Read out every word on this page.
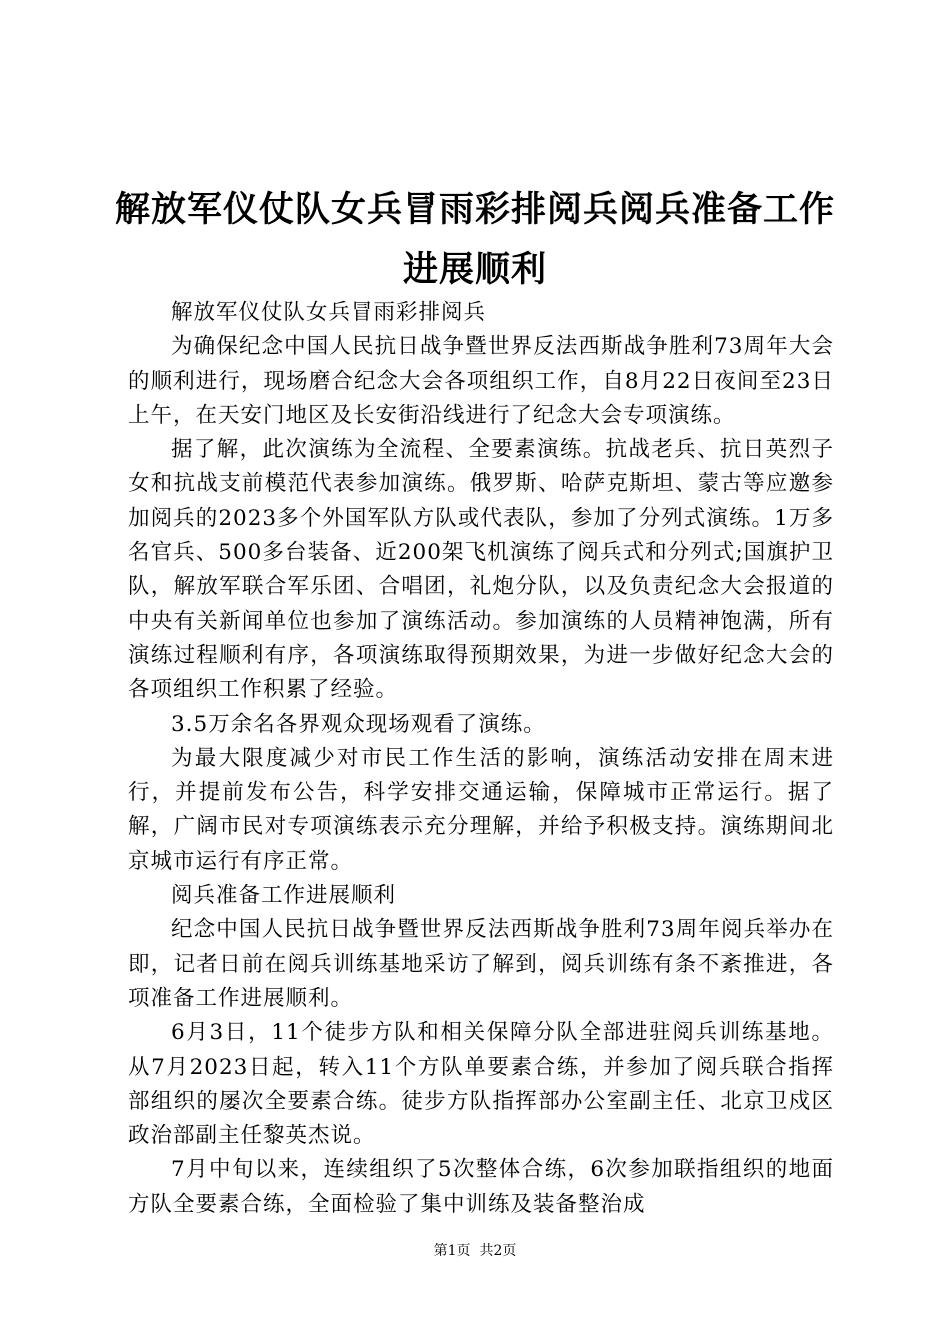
解放军仪仗队女兵冒雨彩排阅兵阅兵准备工作
进展顺利

解放军仪仗队女兵冒雨彩排阅兵

为确保纪念中国人民抗日战争暨世界反法西斯战争胜利73周年大会的顺利进行，现场磨合纪念大会各项组织工作，自8月22日夜间至23日上午，在天安门地区及长安街沿线进行了纪念大会专项演练。

据了解，此次演练为全流程、全要素演练。抗战老兵、抗日英烈子女和抗战支前模范代表参加演练。俄罗斯、哈萨克斯坦、蒙古等应邀参加阅兵的2023多个外国军队方队或代表队，参加了分列式演练。1万多名官兵、500多台装备、近200架飞机演练了阅兵式和分列式;国旗护卫队，解放军联合军乐团、合唱团，礼炮分队，以及负责纪念大会报道的中央有关新闻单位也参加了演练活动。参加演练的人员精神饱满，所有演练过程顺利有序，各项演练取得预期效果，为进一步做好纪念大会的各项组织工作积累了经验。

3.5万余名各界观众现场观看了演练。

为最大限度减少对市民工作生活的影响，演练活动安排在周末进行，并提前发布公告，科学安排交通运输，保障城市正常运行。据了解，广阔市民对专项演练表示充分理解，并给予积极支持。演练期间北京城市运行有序正常。

阅兵准备工作进展顺利

纪念中国人民抗日战争暨世界反法西斯战争胜利73周年阅兵举办在即，记者日前在阅兵训练基地采访了解到，阅兵训练有条不紊推进，各项准备工作进展顺利。

6月3日，11个徒步方队和相关保障分队全部进驻阅兵训练基地。从7月2023日起，转入11个方队单要素合练，并参加了阅兵联合指挥部组织的屡次全要素合练。徒步方队指挥部办公室副主任、北京卫戍区政治部副主任黎英杰说。

7月中旬以来，连续组织了5次整体合练，6次参加联指组织的地面方队全要素合练，全面检验了集中训练及装备整治成

第1页  共2页
